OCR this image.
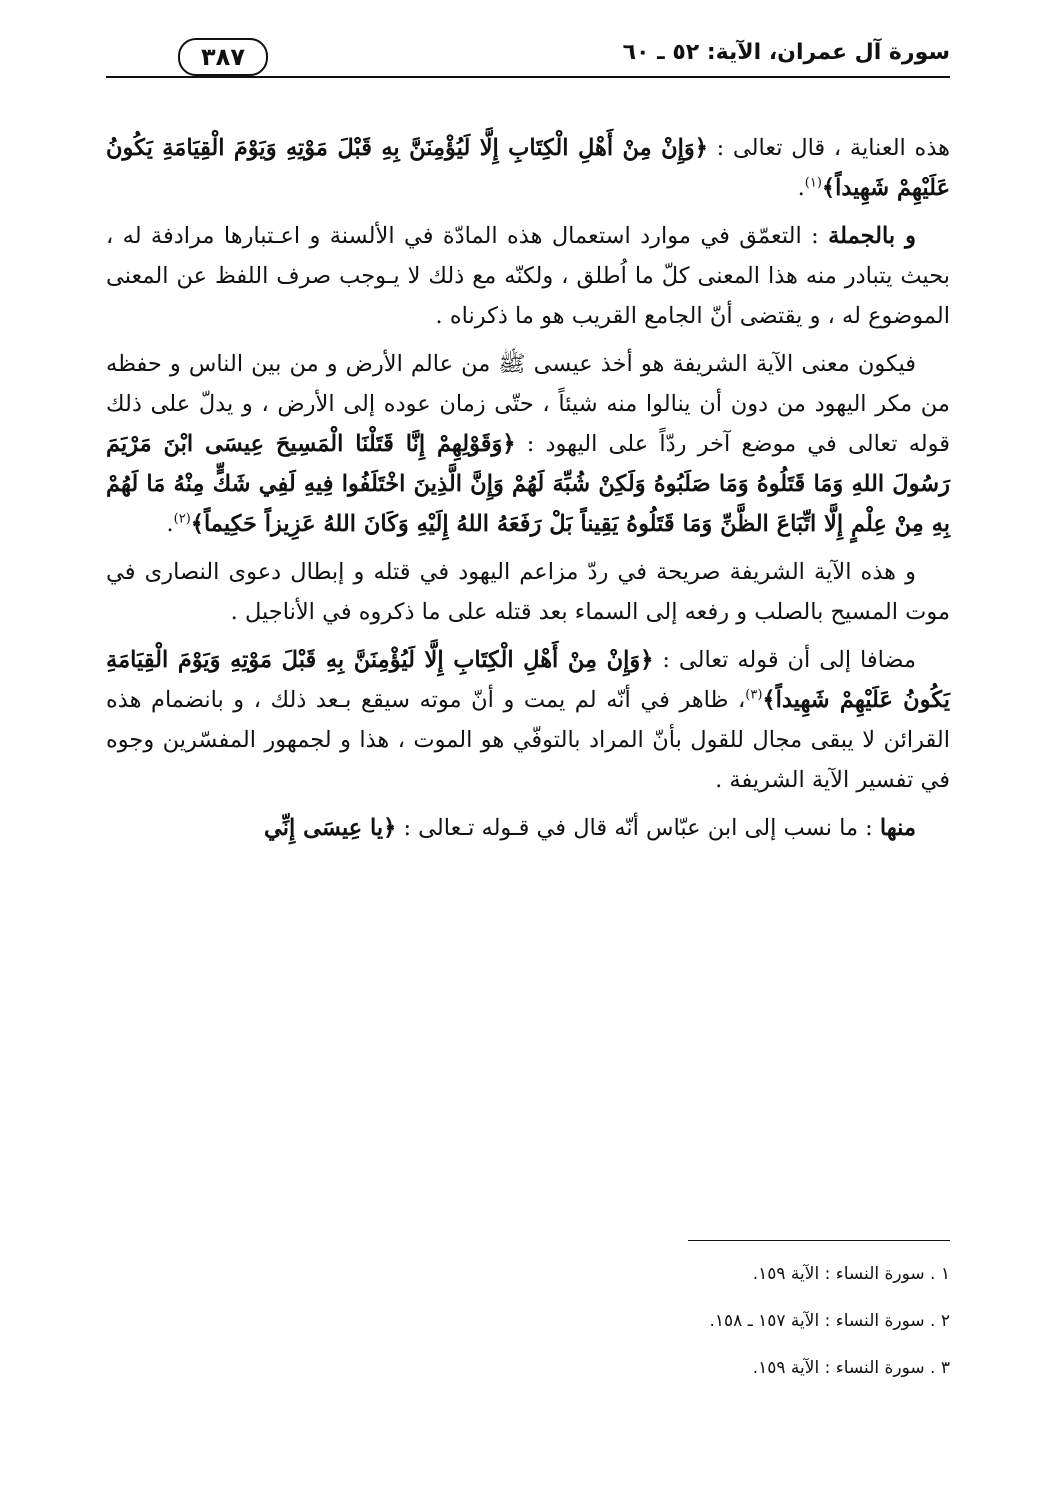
سورة آل عمران، الآية: ٥٢ ـ ٦٠
٣٨٧

هذه العناية ، قال تعالى : ﴿وَإِنْ مِنْ أَهْلِ الْكِتَابِ إِلَّا لَيُؤْمِنَنَّ بِهِ قَبْلَ مَوْتِهِ وَيَوْمَ الْقِيَامَةِ يَكُونُ عَلَيْهِمْ شَهِيداً﴾$^{(١)}$.

و بالجملة : التعمّق في موارد استعمال هذه المادّة في الألسنة و اعـتبارها مرادفة له ، بحيث يتبادر منه هذا المعنى كلّ ما اُطلق ، ولكنّه مع ذلك لا يـوجب صرف اللفظ عن المعنى الموضوع له ، و يقتضى أنّ الجامع القريب هو ما ذكرناه .

فيكون معنى الآية الشريفة هو أخذ عيسى ﷺ من عالم الأرض و من بين الناس و حفظه من مكر اليهود من دون أن ينالوا منه شيئاً ، حتّى زمان عوده إلى الأرض ، و يدلّ على ذلك قوله تعالى في موضع آخر ردّاً على اليهود : ﴿وَقَوْلِهِمْ إِنَّا قَتَلْنَا الْمَسِيحَ عِيسَى ابْنَ مَرْيَمَ رَسُولَ اللهِ وَمَا قَتَلُوهُ وَمَا صَلَبُوهُ وَلَكِنْ شُبِّهَ لَهُمْ وَإِنَّ الَّذِينَ اخْتَلَفُوا فِيهِ لَفِي شَكٍّ مِنْهُ مَا لَهُمْ بِهِ مِنْ عِلْمٍ إِلَّا اتِّبَاعَ الظَّنِّ وَمَا قَتَلُوهُ يَقِيناً بَلْ رَفَعَهُ اللهُ إِلَيْهِ وَكَانَ اللهُ عَزِيزاً حَكِيماً﴾$^{(٢)}$.

و هذه الآية الشريفة صريحة في ردّ مزاعم اليهود في قتله و إبطال دعوى النصارى في موت المسيح بالصلب و رفعه إلى السماء بعد قتله على ما ذكروه في الأناجيل .

مضافا إلى أن قوله تعالى : ﴿وَإِنْ مِنْ أَهْلِ الْكِتَابِ إِلَّا لَيُؤْمِنَنَّ بِهِ قَبْلَ مَوْتِهِ وَيَوْمَ الْقِيَامَةِ يَكُونُ عَلَيْهِمْ شَهِيداً﴾$^{(٣)}$، ظاهر في أنّه لم يمت و أنّ موته سيقع بـعد ذلك ، و بانضمام هذه القرائن لا يبقى مجال للقول بأنّ المراد بالتوفّي هو الموت ، هذا و لجمهور المفسّرين وجوه في تفسير الآية الشريفة .

منها : ما نسب إلى ابن عبّاس أنّه قال في قـوله تـعالى : ﴿يا عِيسَى إِنِّي

١ . سورة النساء : الآية ١٥٩.
٢ . سورة النساء : الآية ١٥٧ ـ ١٥٨.
٣ . سورة النساء : الآية ١٥٩.
